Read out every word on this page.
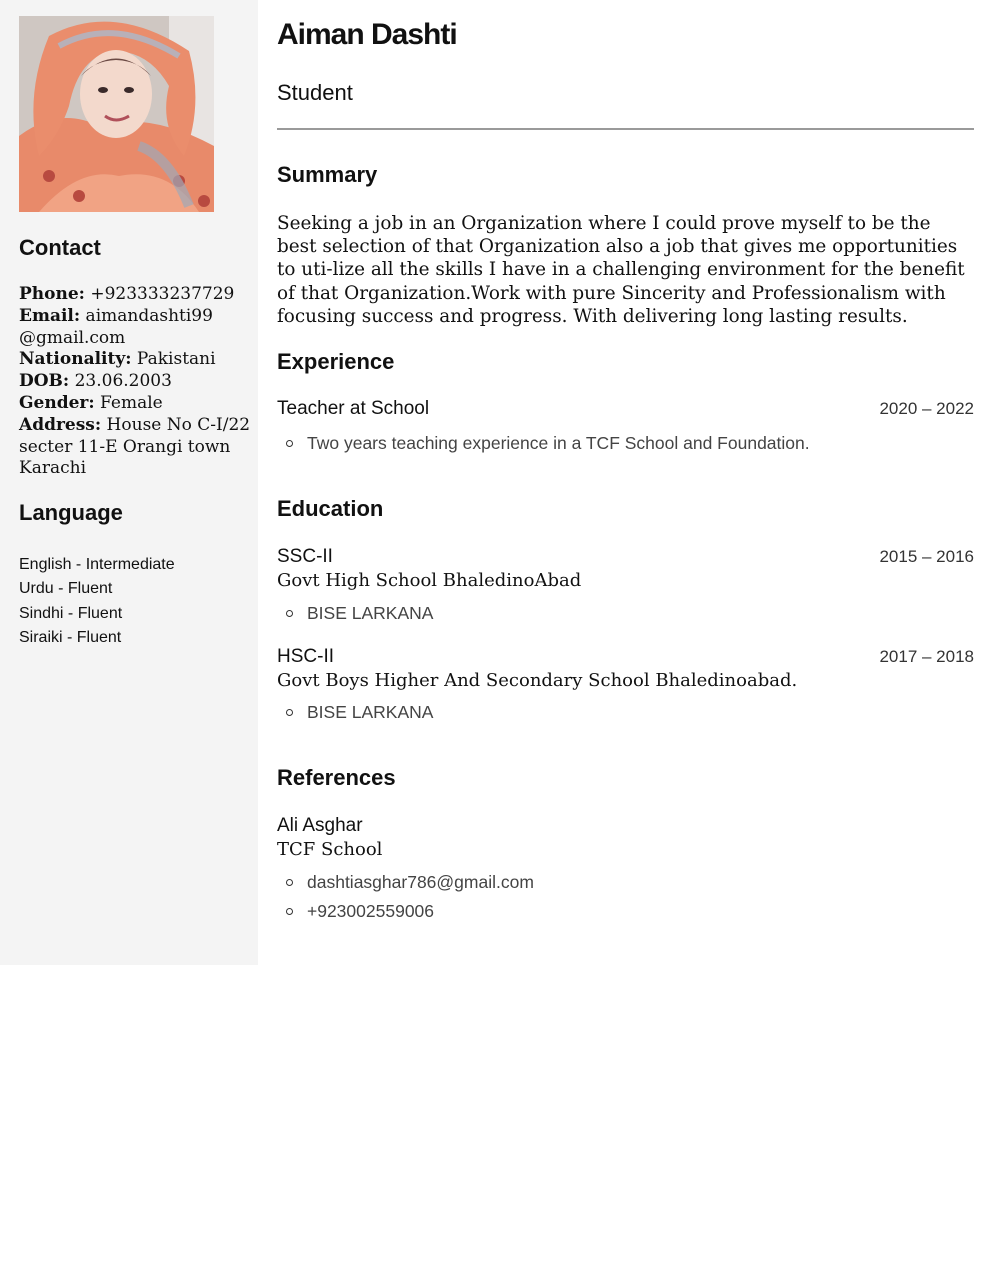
Contact
Phone: +923333237729
Email: aimandashti99 @gmail.com
Nationality: Pakistani
DOB: 23.06.2003
Gender: Female
Address: House No C-I/22 secter 11-E Orangi town Karachi
Language
English - Intermediate
Urdu - Fluent
Sindhi - Fluent
Siraiki - Fluent
Aiman Dashti
Student
Summary
Seeking a job in an Organization where I could prove myself to be the best selection of that Organization also a job that gives me opportunities to uti-lize all the skills I have in a challenging environment for the benefit of that Organization.Work with pure Sincerity and Professionalism with focusing success and progress. With delivering long lasting results.
Experience
Teacher at School	2020 – 2022
Two years teaching experience in a TCF School and Foundation.
Education
SSC-II	2015 – 2016
Govt High School BhaledinoAbad
BISE LARKANA
HSC-II	2017 – 2018
Govt Boys Higher And Secondary School Bhaledinoabad.
BISE LARKANA
References
Ali Asghar
TCF School
dashtiasghar786@gmail.com
+923002559006
